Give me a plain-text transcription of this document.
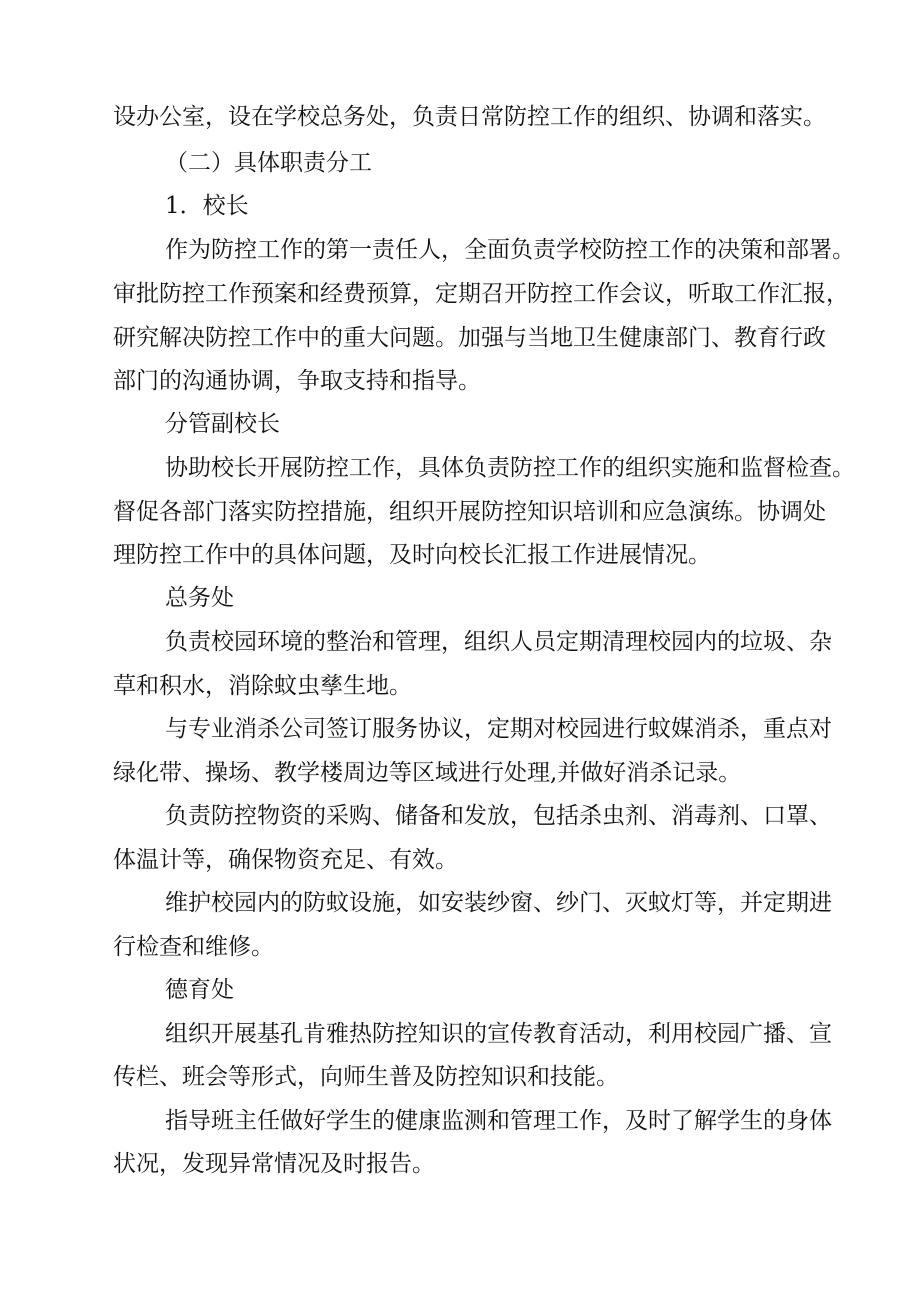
设办公室，设在学校总务处，负责日常防控工作的组织、协调和落实。
（二）具体职责分工
1．校长
作为防控工作的第一责任人，全面负责学校防控工作的决策和部署。
审批防控工作预案和经费预算，定期召开防控工作会议，听取工作汇报，
研究解决防控工作中的重大问题。加强与当地卫生健康部门、教育行政
部门的沟通协调，争取支持和指导。
分管副校长
协助校长开展防控工作，具体负责防控工作的组织实施和监督检查。
督促各部门落实防控措施，组织开展防控知识培训和应急演练。协调处
理防控工作中的具体问题，及时向校长汇报工作进展情况。
总务处
负责校园环境的整治和管理，组织人员定期清理校园内的垃圾、杂
草和积水，消除蚊虫孳生地。
与专业消杀公司签订服务协议，定期对校园进行蚊媒消杀，重点对
绿化带、操场、教学楼周边等区域进行处理,并做好消杀记录。
负责防控物资的采购、储备和发放，包括杀虫剂、消毒剂、口罩、
体温计等，确保物资充足、有效。
维护校园内的防蚊设施，如安装纱窗、纱门、灭蚊灯等，并定期进
行检查和维修。
德育处
组织开展基孔肯雅热防控知识的宣传教育活动，利用校园广播、宣
传栏、班会等形式，向师生普及防控知识和技能。
指导班主任做好学生的健康监测和管理工作，及时了解学生的身体
状况，发现异常情况及时报告。
